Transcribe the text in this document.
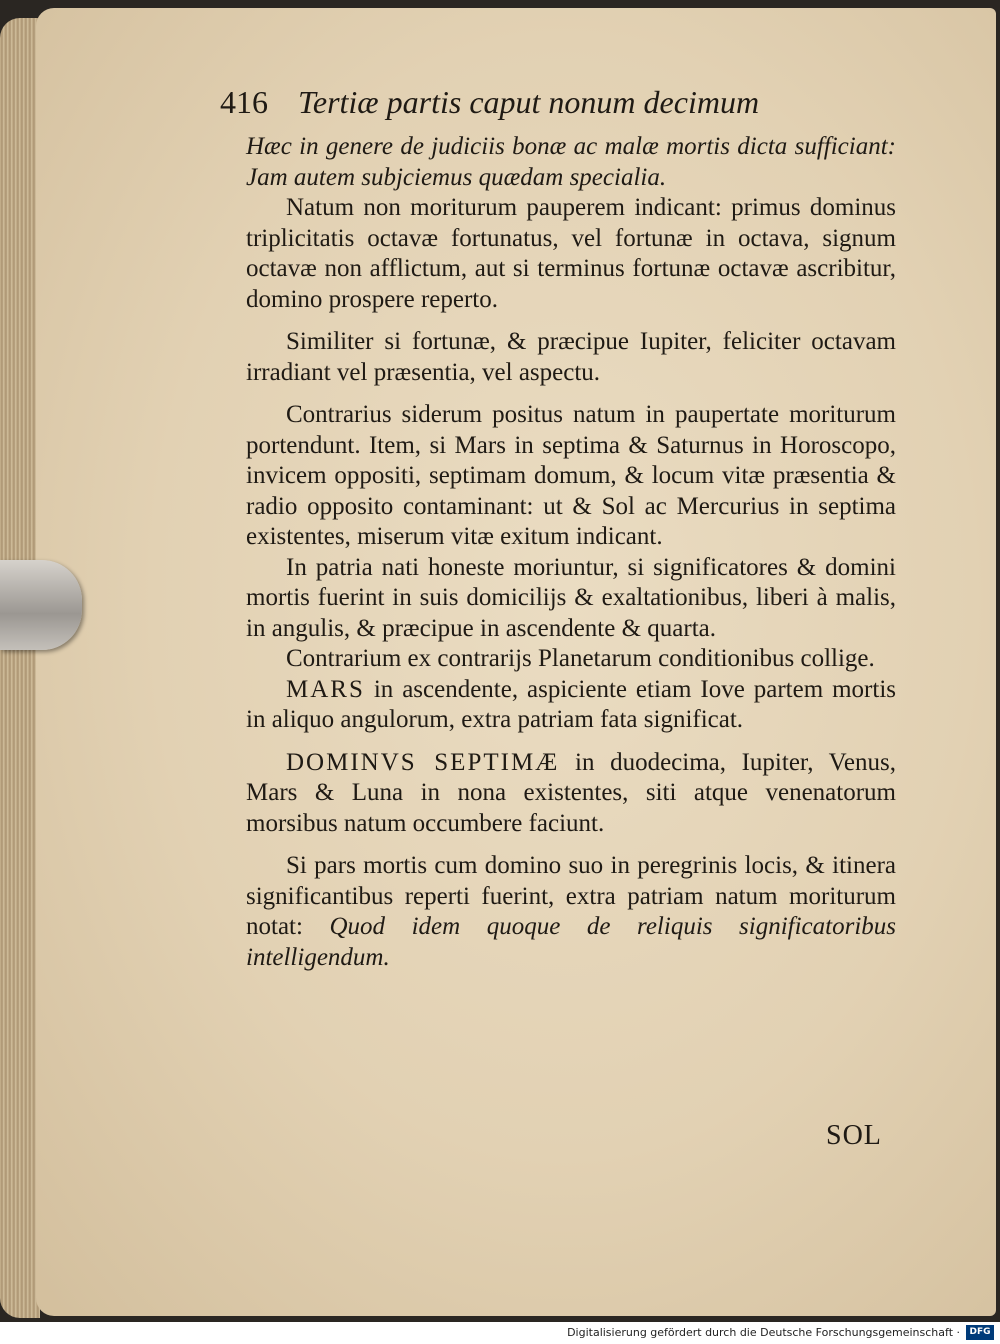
416 Tertiæ partis caput nonum decimum

Hæc in genere de judiciis bonæ ac malæ mortis dicta sufficiant: Jam autem subjciemus quædam specialia.

Natum non moriturum pauperem indicant: primus dominus triplicitatis octavæ fortunatus, vel fortunæ in octava, signum octavæ non afflictum, aut si terminus fortunæ octavæ ascribitur, domino prospere reperto.

Similiter si fortunæ, & præcipue Iupiter, feliciter octavam irradiant vel præsentia, vel aspectu.

Contrarius siderum positus natum in paupertate moriturum portendunt. Item, si Mars in septima & Saturnus in Horoscopo, invicem oppositi, septimam domum, & locum vitæ præsentia & radio opposito contaminant: ut & Sol ac Mercurius in septima existentes, miserum vitæ exitum indicant.

In patria nati honeste moriuntur, si significatores & domini mortis fuerint in suis domicilijs & exaltationibus, liberi à malis, in angulis, & præcipue in ascendente & quarta.

Contrarium ex contrarijs Planetarum conditionibus collige.

MARS in ascendente, aspiciente etiam Iove partem mortis in aliquo angulorum, extra patriam fata significat.

DOMINVS SEPTIMÆ in duodecima, Iupiter, Venus, Mars & Luna in nona existentes, siti atque venenatorum morsibus natum occumbere faciunt.

Si pars mortis cum domino suo in peregrinis locis, & itinera significantibus reperti fuerint, extra patriam natum moriturum notat: Quod idem quoque de reliquis significatoribus intelligendum.

SOL
Digitalisierung gefördert durch die Deutsche Forschungsgemeinschaft ·	DFG
